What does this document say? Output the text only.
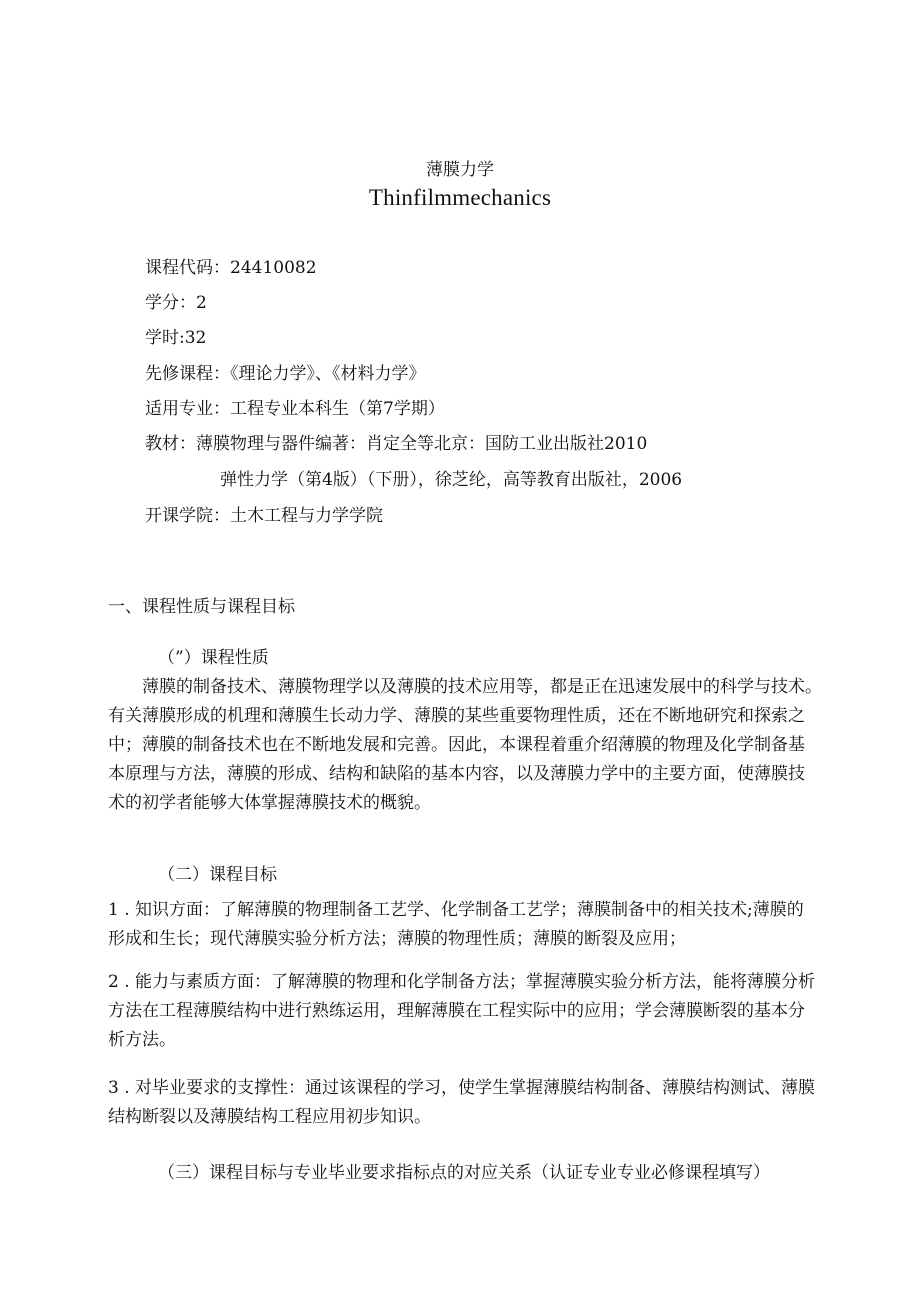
薄膜力学
Thinfilmmechanics
课程代码：24410082
学分：2
学时:32
先修课程：《理论力学》、《材料力学》
适用专业：工程专业本科生（第7学期）
教材：薄膜物理与器件编著：肖定全等北京：国防工业出版社2010
弹性力学（第4版）（下册），徐芝纶，高等教育出版社，2006
开课学院：土木工程与力学学院
一、课程性质与课程目标
（”）课程性质
薄膜的制备技术、薄膜物理学以及薄膜的技术应用等，都是正在迅速发展中的科学与技术。
有关薄膜形成的机理和薄膜生长动力学、薄膜的某些重要物理性质，还在不断地研究和探索之
中；薄膜的制备技术也在不断地发展和完善。因此，本课程着重介绍薄膜的物理及化学制备基
本原理与方法，薄膜的形成、结构和缺陷的基本内容，以及薄膜力学中的主要方面，使薄膜技
术的初学者能够大体掌握薄膜技术的概貌。
（二）课程目标
1 . 知识方面：了解薄膜的物理制备工艺学、化学制备工艺学；薄膜制备中的相关技术;薄膜的
形成和生长；现代薄膜实验分析方法；薄膜的物理性质；薄膜的断裂及应用；
2 . 能力与素质方面：了解薄膜的物理和化学制备方法；掌握薄膜实验分析方法，能将薄膜分析
方法在工程薄膜结构中进行熟练运用，理解薄膜在工程实际中的应用；学会薄膜断裂的基本分
析方法。
3 . 对毕业要求的支撑性：通过该课程的学习，使学生掌握薄膜结构制备、薄膜结构测试、薄膜
结构断裂以及薄膜结构工程应用初步知识。
（三）课程目标与专业毕业要求指标点的对应关系（认证专业专业必修课程填写）
